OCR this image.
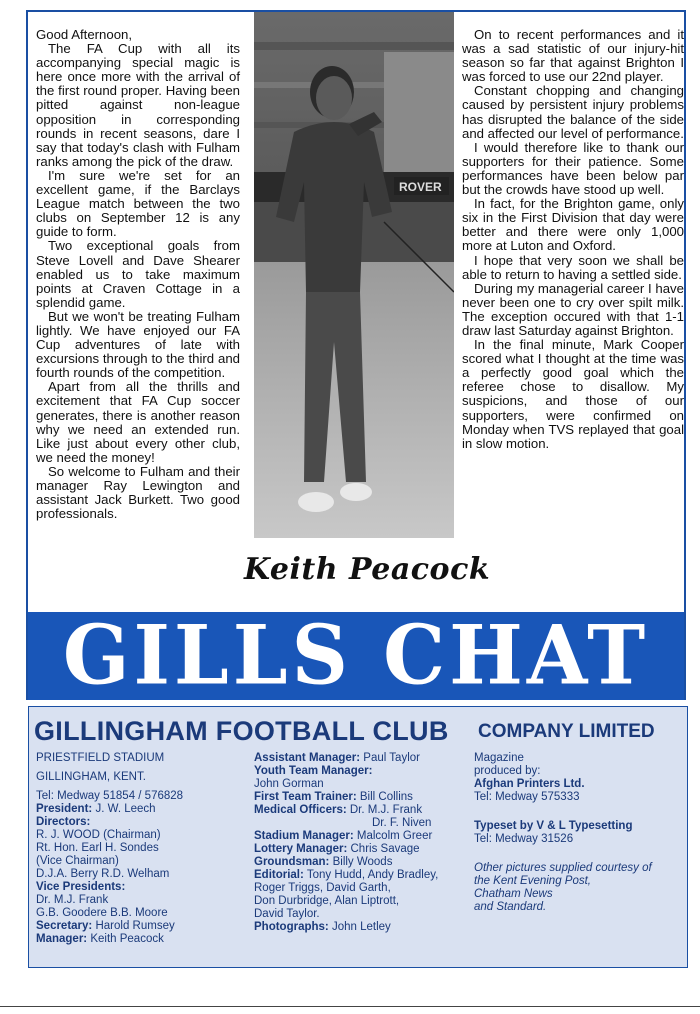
Good Afternoon,

The FA Cup with all its accompanying special magic is here once more with the arrival of the first round proper. Having been pitted against non-league opposition in corresponding rounds in recent seasons, dare I say that today's clash with Fulham ranks among the pick of the draw.

I'm sure we're set for an excellent game, if the Barclays League match between the two clubs on September 12 is any guide to form.

Two exceptional goals from Steve Lovell and Dave Shearer enabled us to take maximum points at Craven Cottage in a splendid game.

But we won't be treating Fulham lightly. We have enjoyed our FA Cup adventures of late with excursions through to the third and fourth rounds of the competition.

Apart from all the thrills and excitement that FA Cup soccer generates, there is another reason why we need an extended run. Like just about every other club, we need the money!

So welcome to Fulham and their manager Ray Lewington and assistant Jack Burkett. Two good professionals.

ROVER

On to recent performances and it was a sad statistic of our injury-hit season so far that against Brighton I was forced to use our 22nd player.

Constant chopping and changing caused by persistent injury problems has disrupted the balance of the side and affected our level of performance.

I would therefore like to thank our supporters for their patience. Some performances have been below par but the crowds have stood up well.

In fact, for the Brighton game, only six in the First Division that day were better and there were only 1,000 more at Luton and Oxford.

I hope that very soon we shall be able to return to having a settled side.

During my managerial career I have never been one to cry over spilt milk. The exception occured with that 1-1 draw last Saturday against Brighton.

In the final minute, Mark Cooper scored what I thought at the time was a perfectly good goal which the referee chose to disallow. My suspicions, and those of our supporters, were confirmed on Monday when TVS replayed that goal in slow motion.

Keith Peacock
GILLS CHAT
GILLINGHAM FOOTBALL CLUB COMPANY LIMITED
PRIESTFIELD STADIUM
GILLINGHAM, KENT.
Tel: Medway 51854 / 576828
President: J. W. Leech
Directors:
R. J. WOOD (Chairman)
Rt. Hon. Earl H. Sondes
(Vice Chairman)
D.J.A. Berry R.D. Welham
Vice Presidents:
Dr. M.J. Frank
G.B. Goodere B.B. Moore
Secretary: Harold Rumsey
Manager: Keith Peacock
Assistant Manager: Paul Taylor
Youth Team Manager:
John Gorman
First Team Trainer: Bill Collins
Medical Officers: Dr. M.J. Frank
Dr. F. Niven
Stadium Manager: Malcolm Greer
Lottery Manager: Chris Savage
Groundsman: Billy Woods
Editorial: Tony Hudd, Andy Bradley,
Roger Triggs, David Garth,
Don Durbridge, Alan Liptrott,
David Taylor.
Photographs: John Letley
Magazine
produced by:
Afghan Printers Ltd.
Tel: Medway 575333
Typeset by V & L Typesetting
Tel: Medway 31526
Other pictures supplied courtesy of
the Kent Evening Post,
Chatham News
and Standard.
